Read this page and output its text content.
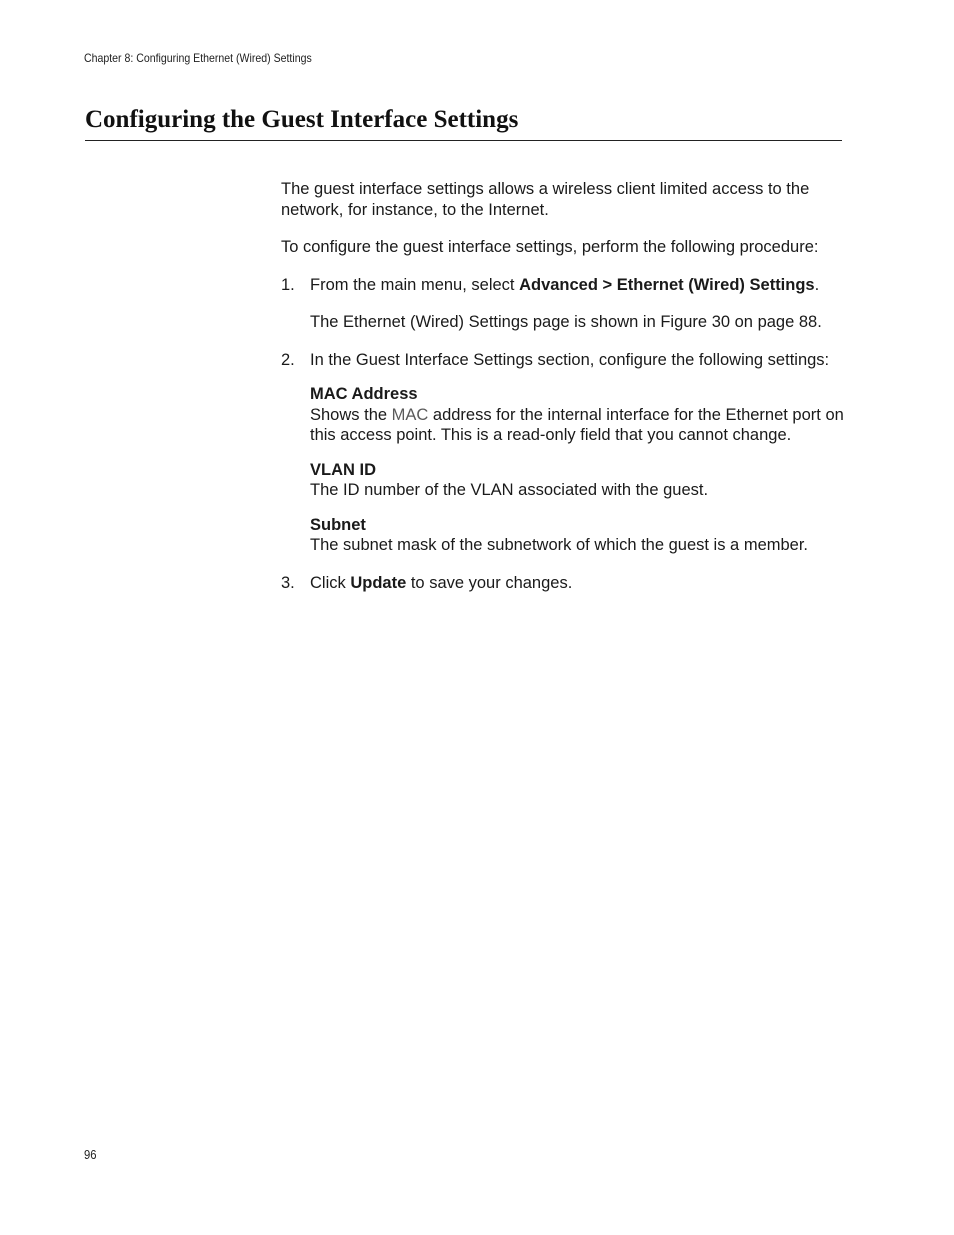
Chapter 8: Configuring Ethernet (Wired) Settings
Configuring the Guest Interface Settings

The guest interface settings allows a wireless client limited access to the network, for instance, to the Internet.

To configure the guest interface settings, perform the following procedure:

1. From the main menu, select Advanced > Ethernet (Wired) Settings.

The Ethernet (Wired) Settings page is shown in Figure 30 on page 88.

2. In the Guest Interface Settings section, configure the following settings:

MAC Address

Shows the MAC address for the internal interface for the Ethernet port on this access point. This is a read-only field that you cannot change.

VLAN ID

The ID number of the VLAN associated with the guest.

Subnet

The subnet mask of the subnetwork of which the guest is a member.

3. Click Update to save your changes.

96
